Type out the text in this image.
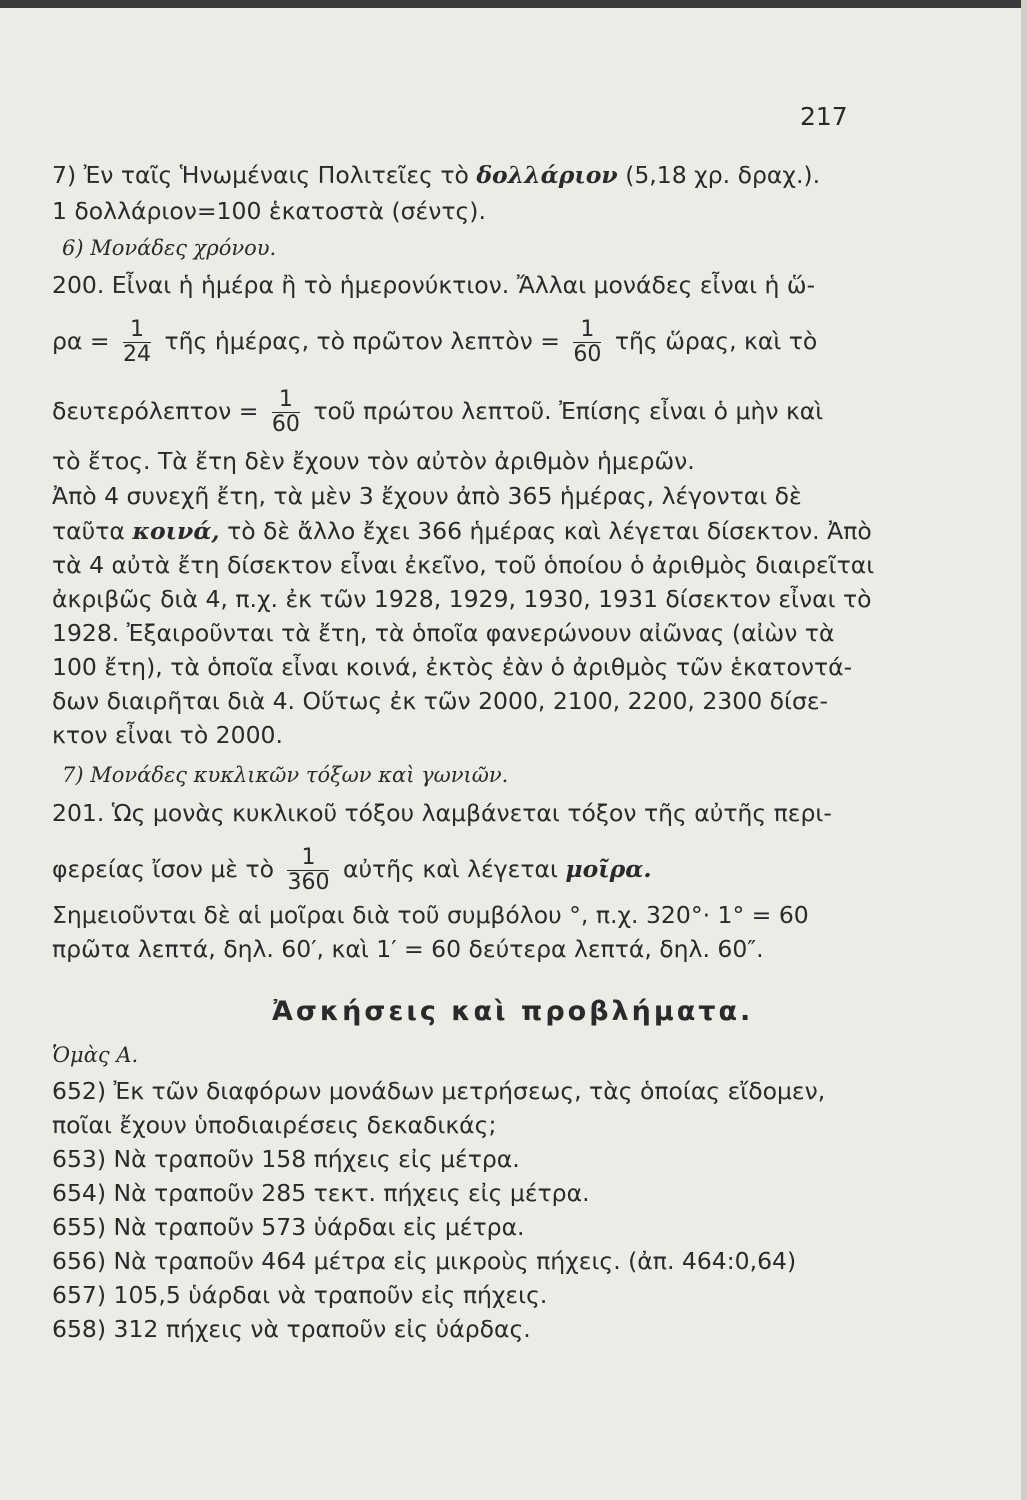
217
7) Ἐν ταῖς Ἡνωμέναις Πολιτεῖες τὸ δολλάριον (5,18 χρ. δραχ.).
1 δολλάριον=100 ἑκατοστὰ (σέντς).
6) Μονάδες χρόνου.
200. Εἶναι ἡ ἡμέρα ἢ τὸ ἡμερονύκτιον. Ἄλλαι μονάδες εἶναι ἡ ὥ-
$\rho\alpha = \frac{1}{24}$ τῆς ἡμέρας, τὸ πρῶτον λεπτὸν = $\frac{1}{60}$ τῆς ὥρας, καὶ τὸ
$\delta\varepsilon\upsilon\tau\varepsilon\rho ό\lambda\varepsilon\pi\tau o\nu = \frac{1}{60}$ τοῦ πρώτου λεπτοῦ. Ἐπίσης εἶναι ὁ μὴν καὶ
τὸ ἔτος. Τὰ ἔτη δὲν ἔχουν τὸν αὐτὸν ἀριθμὸν ἡμερῶν.
Ἀπὸ 4 συνεχῆ ἔτη, τὰ μὲν 3 ἔχουν ἀπὸ 365 ἡμέρας, λέγονται δὲ
ταῦτα κοινά, τὸ δὲ ἄλλο ἔχει 366 ἡμέρας καὶ λέγεται δίσεκτον. Ἀπὸ
τὰ 4 αὐτὰ ἔτη δίσεκτον εἶναι ἐκεῖνο, τοῦ ὁποίου ὁ ἀριθμὸς διαιρεῖται
ἀκριβῶς διὰ 4, π.χ. ἐκ τῶν 1928, 1929, 1930, 1931 δίσεκτον εἶναι τὸ
1928. Ἐξαιροῦνται τὰ ἔτη, τὰ ὁποῖα φανερώνουν αἰῶνας (αἰὼν τὰ
100 ἔτη), τὰ ὁποῖα εἶναι κοινά, ἐκτὸς ἐὰν ὁ ἀριθμὸς τῶν ἑκατοντά-
δων διαιρῆται διὰ 4. Οὕτως ἐκ τῶν 2000, 2100, 2200, 2300 δίσε-
κτον εἶναι τὸ 2000.
7) Μονάδες κυκλικῶν τόξων καὶ γωνιῶν.
201. Ὡς μονὰς κυκλικοῦ τόξου λαμβάνεται τόξον τῆς αὐτῆς περι-
φερείας ἴσον μὲ τὸ $\frac{1}{360}$ αὐτῆς καὶ λέγεται μοῖρα.
Σημειοῦνται δὲ αἱ μοῖραι διὰ τοῦ συμβόλου °, π.χ. 320°· 1° = 60
πρῶτα λεπτά, δηλ. 60′, καὶ 1′ = 60 δεύτερα λεπτά, δηλ. 60″.
Ἀσκήσεις καὶ προβλήματα.
Ὁμὰς Α.
652) Ἐκ τῶν διαφόρων μονάδων μετρήσεως, τὰς ὁποίας εἴδομεν,
ποῖαι ἔχουν ὑποδιαιρέσεις δεκαδικάς;
653) Νὰ τραποῦν 158 πήχεις εἰς μέτρα.
654) Νὰ τραποῦν 285 τεκτ. πήχεις εἰς μέτρα.
655) Νὰ τραποῦν 573 ὑάρδαι εἰς μέτρα.
656) Νὰ τραποῦν 464 μέτρα εἰς μικροὺς πήχεις. (ἀπ. 464:0,64)
657) 105,5 ὑάρδαι νὰ τραποῦν εἰς πήχεις.
658) 312 πήχεις νὰ τραποῦν εἰς ὑάρδας.
